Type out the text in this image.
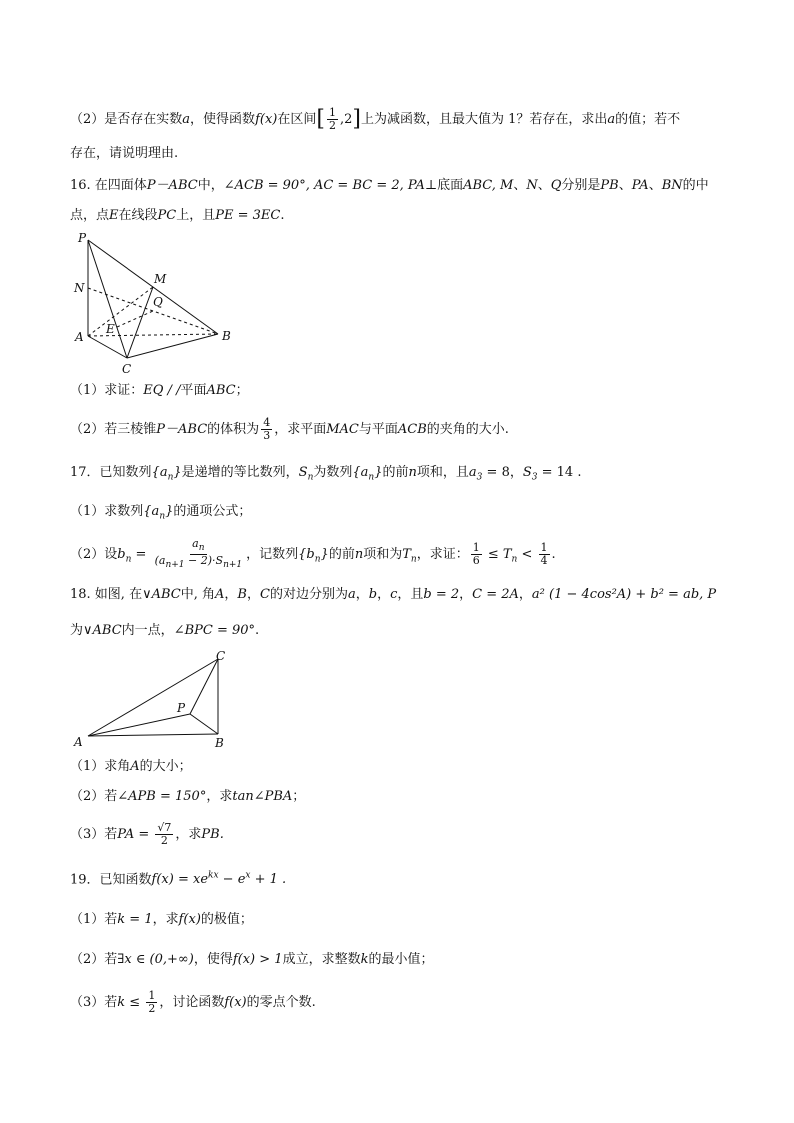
（2）是否存在实数a，使得函数f(x)在区间[ $\frac{1}{2} ,2$]上为减函数，且最大值为 1？若存在，求出a的值；若不
存在，请说明理由.
16. 在四面体P－ABC中，∠ACB = 90°, AC = BC = 2, PA⊥底面ABC, M、N、Q分别是PB、PA、BN的中
点，点E在线段PC上，且PE = 3EC.
P
M
N
Q
E
A	B
C
（1）求证：EQ / /平面ABC；
（2）若三棱锥P－ABC的体积为 $\frac{4}{3}$ ，求平面MAC与平面ACB的夹角的大小.
17．已知数列$\{a_n\}$是递增的等比数列，$S_n$为数列$\{a_n\}$的前n项和，且$a_3 = 8$，$S_3 = 14$ .
（1）求数列$\{a_n\}$的通项公式；
（2）设$b_n = \frac{a_n}{(a_{n+1} - 2)\cdot S_{n+1}}$ ，记数列$\{b_n\}$的前n项和为$T_n$，求证： $\frac{1}{6} \le T_n < \frac{1}{4}$ .
18. 如图, 在∨ABC中, 角A，B，C的对边分别为a，b，c，且b = 2，C = 2A，a² (1 − 4cos²A) + b² = ab, P
为∨ABC内一点，∠BPC = 90°.
C
P
A	B
（1）求角A的大小；
（2）若∠APB = 150°，求tan∠PBA；
（3）若PA = $\frac{√7}{2}$ ，求PB.
19．已知函数$f(x) = xe^{kx} - e^x + 1$ .
（1）若k = 1，求f(x)的极值；
（2）若∃x ∈ (0,+∞)，使得f(x) > 1成立，求整数k的最小值；
（3）若$k \le \frac{1}{2}$ ，讨论函数f(x)的零点个数.
